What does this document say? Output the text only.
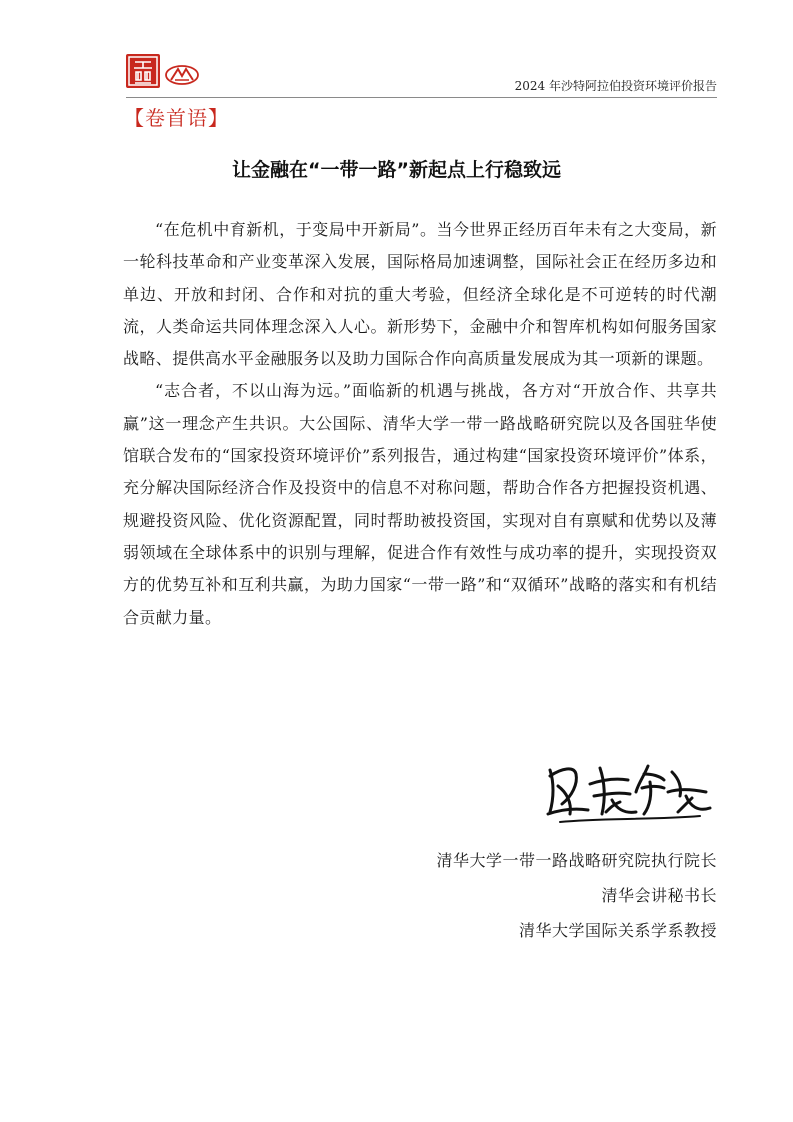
2024 年沙特阿拉伯投资环境评价报告
【卷首语】
让金融在“一带一路”新起点上行稳致远

“在危机中育新机，于变局中开新局”。当今世界正经历百年未有之大变局，新一轮科技革命和产业变革深入发展，国际格局加速调整，国际社会正在经历多边和单边、开放和封闭、合作和对抗的重大考验，但经济全球化是不可逆转的时代潮流，人类命运共同体理念深入人心。新形势下，金融中介和智库机构如何服务国家战略、提供高水平金融服务以及助力国际合作向高质量发展成为其一项新的课题。

“志合者，不以山海为远。”面临新的机遇与挑战，各方对“开放合作、共享共赢”这一理念产生共识。大公国际、清华大学一带一路战略研究院以及各国驻华使馆联合发布的“国家投资环境评价”系列报告，通过构建“国家投资环境评价”体系，充分解决国际经济合作及投资中的信息不对称问题，帮助合作各方把握投资机遇、规避投资风险、优化资源配置，同时帮助被投资国，实现对自有禀赋和优势以及薄弱领域在全球体系中的识别与理解，促进合作有效性与成功率的提升，实现投资双方的优势互补和互利共赢，为助力国家“一带一路”和“双循环”战略的落实和有机结合贡献力量。

清华大学一带一路战略研究院执行院长
清华会讲秘书长
清华大学国际关系学系教授
